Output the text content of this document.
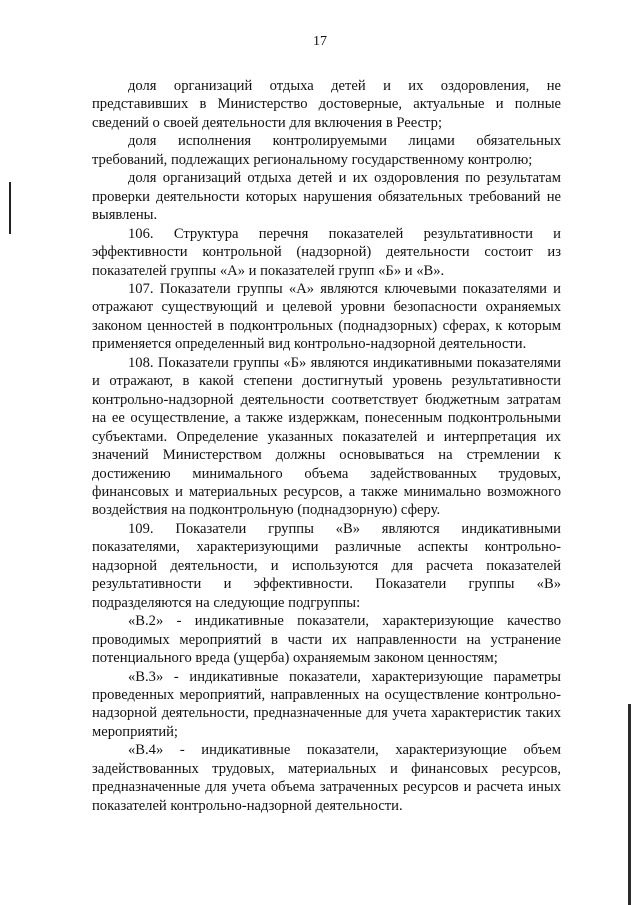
17

доля организаций отдыха детей и их оздоровления, не представивших в Министерство достоверные, актуальные и полные сведений о своей деятельности для включения в Реестр;

доля исполнения контролируемыми лицами обязательных требований, подлежащих региональному государственному контролю;

доля организаций отдыха детей и их оздоровления по результатам проверки деятельности которых нарушения обязательных требований не выявлены.

106. Структура перечня показателей результативности и эффективности контрольной (надзорной) деятельности состоит из показателей группы «А» и показателей групп «Б» и «В».

107. Показатели группы «А» являются ключевыми показателями и отражают существующий и целевой уровни безопасности охраняемых законом ценностей в подконтрольных (поднадзорных) сферах, к которым применяется определенный вид контрольно-надзорной деятельности.

108. Показатели группы «Б» являются индикативными показателями и отражают, в какой степени достигнутый уровень результативности контрольно-надзорной деятельности соответствует бюджетным затратам на ее осуществление, а также издержкам, понесенным подконтрольными субъектами. Определение указанных показателей и интерпретация их значений Министерством должны основываться на стремлении к достижению минимального объема задействованных трудовых, финансовых и материальных ресурсов, а также минимально возможного воздействия на подконтрольную (поднадзорную) сферу.

109. Показатели группы «В» являются индикативными показателями, характеризующими различные аспекты контрольно-надзорной деятельности, и используются для расчета показателей результативности и эффективности. Показатели группы «В» подразделяются на следующие подгруппы:

«В.2» - индикативные показатели, характеризующие качество проводимых мероприятий в части их направленности на устранение потенциального вреда (ущерба) охраняемым законом ценностям;

«В.3» - индикативные показатели, характеризующие параметры проведенных мероприятий, направленных на осуществление контрольно-надзорной деятельности, предназначенные для учета характеристик таких мероприятий;

«В.4» - индикативные показатели, характеризующие объем задействованных трудовых, материальных и финансовых ресурсов, предназначенные для учета объема затраченных ресурсов и расчета иных показателей контрольно-надзорной деятельности.
